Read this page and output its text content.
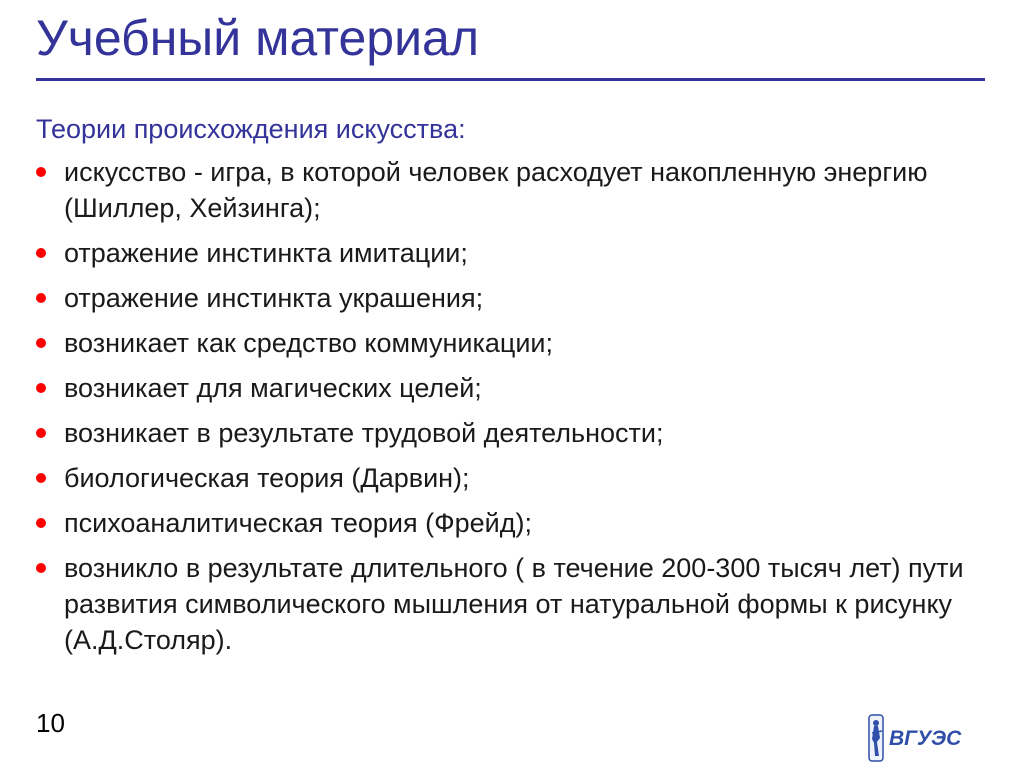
Учебный материал
Теории происхождения искусства:
искусство - игра, в которой человек расходует накопленную энергию (Шиллер, Хейзинга);
отражение инстинкта имитации;
отражение инстинкта украшения;
возникает как средство коммуникации;
возникает для магических целей;
возникает в результате трудовой деятельности;
биологическая теория (Дарвин);
психоаналитическая теория (Фрейд);
возникло в результате длительного ( в течение 200-300 тысяч лет) пути развития символического мышления от натуральной формы к рисунку (А.Д.Столяр).
10
ВГУЭС
